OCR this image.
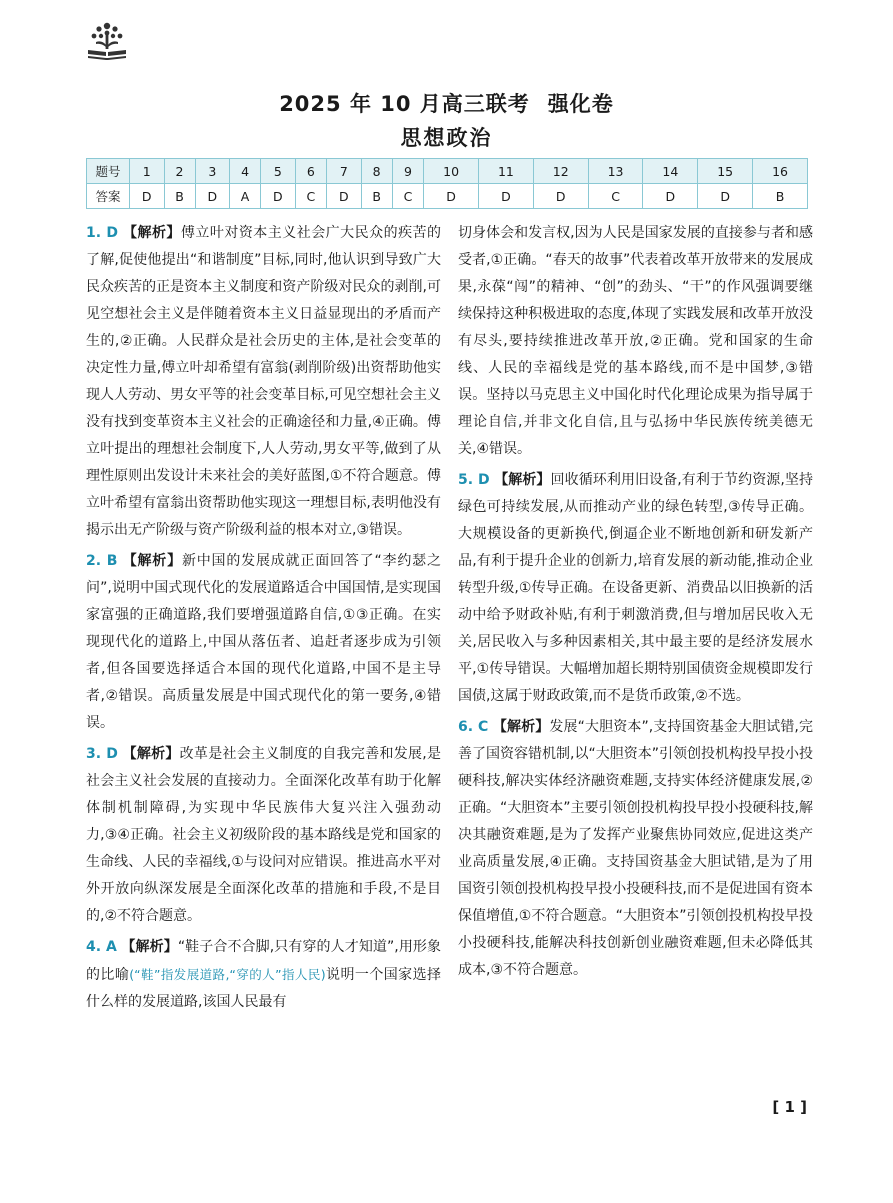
2025 年 10 月高三联考 强化卷
思想政治
题号	1	2	3	4	5	6	7	8	9	10	11	12	13	14	15	16
答案	D	B	D	A	D	C	D	B	C	D	D	D	C	D	D	B
1. D 【解析】傅立叶对资本主义社会广大民众的疾苦的了解,促使他提出“和谐制度”目标,同时,他认识到导致广大民众疾苦的正是资本主义制度和资产阶级对民众的剥削,可见空想社会主义是伴随着资本主义日益显现出的矛盾而产生的,②正确。人民群众是社会历史的主体,是社会变革的决定性力量,傅立叶却希望有富翁(剥削阶级)出资帮助他实现人人劳动、男女平等的社会变革目标,可见空想社会主义没有找到变革资本主义社会的正确途径和力量,④正确。傅立叶提出的理想社会制度下,人人劳动,男女平等,做到了从理性原则出发设计未来社会的美好蓝图,①不符合题意。傅立叶希望有富翁出资帮助他实现这一理想目标,表明他没有揭示出无产阶级与资产阶级利益的根本对立,③错误。
2. B 【解析】新中国的发展成就正面回答了“李约瑟之问”,说明中国式现代化的发展道路适合中国国情,是实现国家富强的正确道路,我们要增强道路自信,①③正确。在实现现代化的道路上,中国从落伍者、追赶者逐步成为引领者,但各国要选择适合本国的现代化道路,中国不是主导者,②错误。高质量发展是中国式现代化的第一要务,④错误。
3. D 【解析】改革是社会主义制度的自我完善和发展,是社会主义社会发展的直接动力。全面深化改革有助于化解体制机制障碍,为实现中华民族伟大复兴注入强劲动力,③④正确。社会主义初级阶段的基本路线是党和国家的生命线、人民的幸福线,①与设问对应错误。推进高水平对外开放向纵深发展是全面深化改革的措施和手段,不是目的,②不符合题意。
4. A 【解析】“鞋子合不合脚,只有穿的人才知道”,用形象的比喻(“鞋”指发展道路,“穿的人”指人民)说明一个国家选择什么样的发展道路,该国人民最有
切身体会和发言权,因为人民是国家发展的直接参与者和感受者,①正确。“春天的故事”代表着改革开放带来的发展成果,永葆“闯”的精神、“创”的劲头、“干”的作风强调要继续保持这种积极进取的态度,体现了实践发展和改革开放没有尽头,要持续推进改革开放,②正确。党和国家的生命线、人民的幸福线是党的基本路线,而不是中国梦,③错误。坚持以马克思主义中国化时代化理论成果为指导属于理论自信,并非文化自信,且与弘扬中华民族传统美德无关,④错误。
5. D 【解析】回收循环利用旧设备,有利于节约资源,坚持绿色可持续发展,从而推动产业的绿色转型,③传导正确。大规模设备的更新换代,倒逼企业不断地创新和研发新产品,有利于提升企业的创新力,培育发展的新动能,推动企业转型升级,①传导正确。在设备更新、消费品以旧换新的活动中给予财政补贴,有利于刺激消费,但与增加居民收入无关,居民收入与多种因素相关,其中最主要的是经济发展水平,①传导错误。大幅增加超长期特别国债资金规模即发行国债,这属于财政政策,而不是货币政策,②不选。
6. C 【解析】发展“大胆资本”,支持国资基金大胆试错,完善了国资容错机制,以“大胆资本”引领创投机构投早投小投硬科技,解决实体经济融资难题,支持实体经济健康发展,②正确。“大胆资本”主要引领创投机构投早投小投硬科技,解决其融资难题,是为了发挥产业聚焦协同效应,促进这类产业高质量发展,④正确。支持国资基金大胆试错,是为了用国资引领创投机构投早投小投硬科技,而不是促进国有资本保值增值,①不符合题意。“大胆资本”引领创投机构投早投小投硬科技,能解决科技创新创业融资难题,但未必降低其成本,③不符合题意。
[ 1 ]
